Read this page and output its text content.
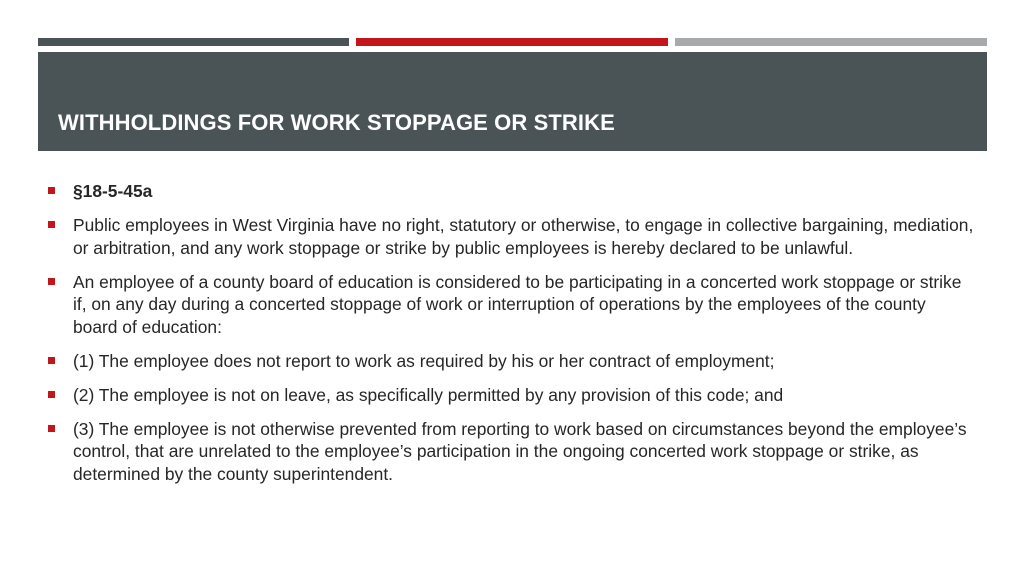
WITHHOLDINGS FOR WORK STOPPAGE OR STRIKE
§18-5-45a
Public employees in West Virginia have no right, statutory or otherwise, to engage in collective bargaining, mediation, or arbitration, and any work stoppage or strike by public employees is hereby declared to be unlawful.
An employee of a county board of education is considered to be participating in a concerted work stoppage or strike if, on any day during a concerted stoppage of work or interruption of operations by the employees of the county board of education:
(1) The employee does not report to work as required by his or her contract of employment;
(2) The employee is not on leave, as specifically permitted by any provision of this code; and
(3) The employee is not otherwise prevented from reporting to work based on circumstances beyond the employee’s control, that are unrelated to the employee’s participation in the ongoing concerted work stoppage or strike, as determined by the county superintendent.
